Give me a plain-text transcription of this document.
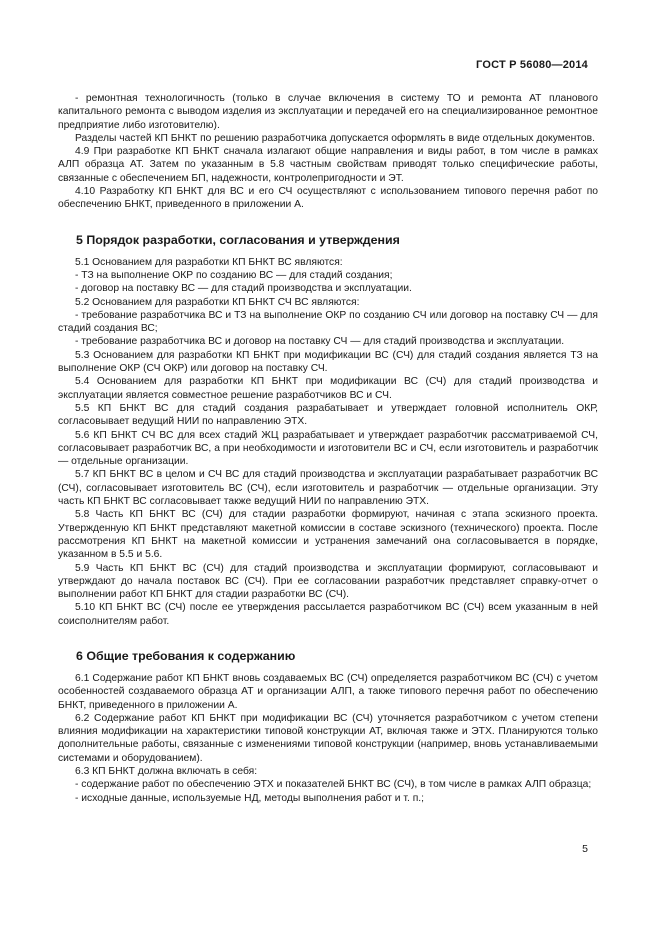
ГОСТ Р 56080—2014

- ремонтная технологичность (только в случае включения в систему ТО и ремонта АТ планового капитального ремонта с выводом изделия из эксплуатации и передачей его на специализированное ремонтное предприятие либо изготовителю).

Разделы частей КП БНКТ по решению разработчика допускается оформлять в виде отдельных документов.

4.9 При разработке КП БНКТ сначала излагают общие направления и виды работ, в том числе в рамках АЛП образца АТ. Затем по указанным в 5.8 частным свойствам приводят только специфические работы, связанные с обеспечением БП, надежности, контролепригодности и ЭТ.

4.10 Разработку КП БНКТ для ВС и его СЧ осуществляют с использованием типового перечня работ по обеспечению БНКТ, приведенного в приложении А.

5 Порядок разработки, согласования и утверждения

5.1 Основанием для разработки КП БНКТ ВС являются:

- ТЗ на выполнение ОКР по созданию ВС — для стадий создания;

- договор на поставку ВС — для стадий производства и эксплуатации.

5.2 Основанием для разработки КП БНКТ СЧ ВС являются:

- требование разработчика ВС и ТЗ на выполнение ОКР по созданию СЧ или договор на поставку СЧ — для стадий создания ВС;

- требование разработчика ВС и договор на поставку СЧ — для стадий производства и эксплуатации.

5.3 Основанием для разработки КП БНКТ при модификации ВС (СЧ) для стадий создания является ТЗ на выполнение ОКР (СЧ ОКР) или договор на поставку СЧ.

5.4 Основанием для разработки КП БНКТ при модификации ВС (СЧ) для стадий производства и эксплуатации является совместное решение разработчиков ВС и СЧ.

5.5 КП БНКТ ВС для стадий создания разрабатывает и утверждает головной исполнитель ОКР, согласовывает ведущий НИИ по направлению ЭТХ.

5.6 КП БНКТ СЧ ВС для всех стадий ЖЦ разрабатывает и утверждает разработчик рассматриваемой СЧ, согласовывает разработчик ВС, а при необходимости и изготовители ВС и СЧ, если изготовитель и разработчик — отдельные организации.

5.7 КП БНКТ ВС в целом и СЧ ВС для стадий производства и эксплуатации разрабатывает разработчик ВС (СЧ), согласовывает изготовитель ВС (СЧ), если изготовитель и разработчик — отдельные организации. Эту часть КП БНКТ ВС согласовывает также ведущий НИИ по направлению ЭТХ.

5.8 Часть КП БНКТ ВС (СЧ) для стадии разработки формируют, начиная с этапа эскизного проекта. Утвержденную КП БНКТ представляют макетной комиссии в составе эскизного (технического) проекта. После рассмотрения КП БНКТ на макетной комиссии и устранения замечаний она согласовывается в порядке, указанном в 5.5 и 5.6.

5.9 Часть КП БНКТ ВС (СЧ) для стадий производства и эксплуатации формируют, согласовывают и утверждают до начала поставок ВС (СЧ). При ее согласовании разработчик представляет справку-отчет о выполнении работ КП БНКТ для стадии разработки ВС (СЧ).

5.10 КП БНКТ ВС (СЧ) после ее утверждения рассылается разработчиком ВС (СЧ) всем указанным в ней соисполнителям работ.

6 Общие требования к содержанию

6.1 Содержание работ КП БНКТ вновь создаваемых ВС (СЧ) определяется разработчиком ВС (СЧ) с учетом особенностей создаваемого образца АТ и организации АЛП, а также типового перечня работ по обеспечению БНКТ, приведенного в приложении А.

6.2 Содержание работ КП БНКТ при модификации ВС (СЧ) уточняется разработчиком с учетом степени влияния модификации на характеристики типовой конструкции АТ, включая также и ЭТХ. Планируются только дополнительные работы, связанные с изменениями типовой конструкции (например, вновь устанавливаемыми системами и оборудованием).

6.3 КП БНКТ должна включать в себя:

- содержание работ по обеспечению ЭТХ и показателей БНКТ ВС (СЧ), в том числе в рамках АЛП образца;

- исходные данные, используемые НД, методы выполнения работ и т. п.;

5
